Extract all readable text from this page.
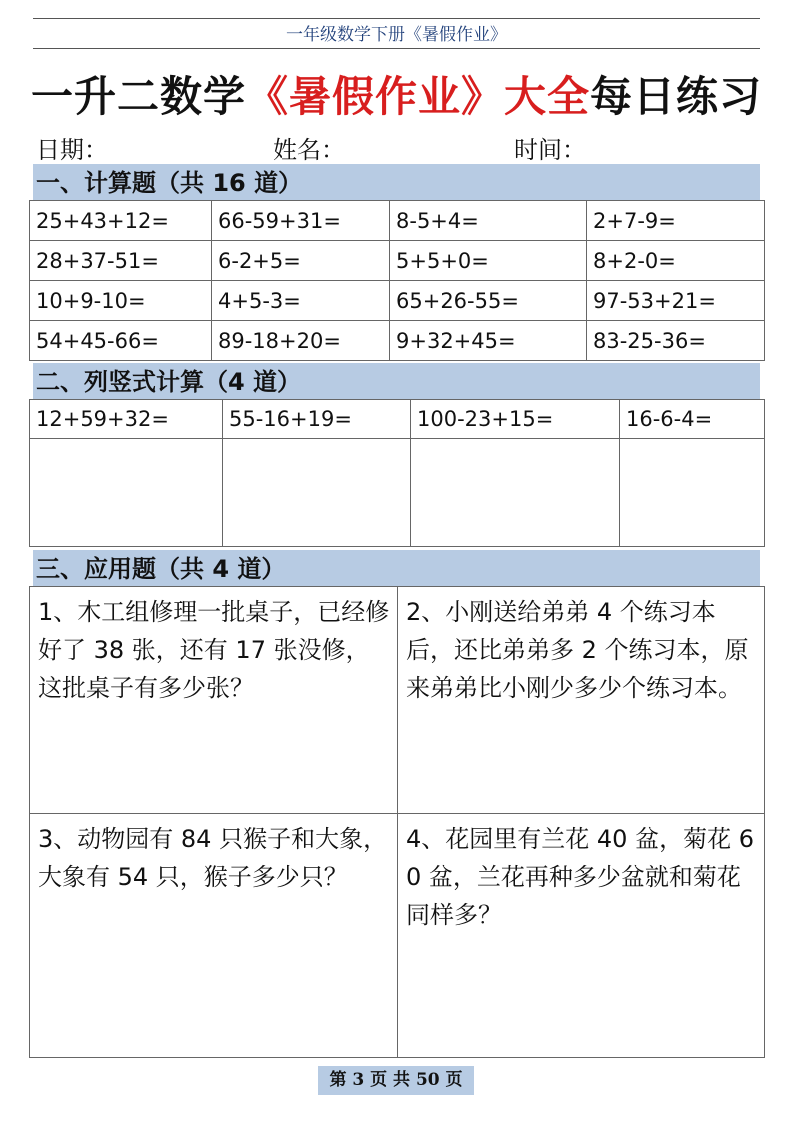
一年级数学下册《暑假作业》
一升二数学《暑假作业》大全每日练习
日期：	姓名：	时间：
一、计算题（共 16 道）
25+43+12=	66-59+31=	8-5+4=	2+7-9=
28+37-51=	6-2+5=	5+5+0=	8+2-0=
10+9-10=	4+5-3=	65+26-55=	97-53+21=
54+45-66=	89-18+20=	9+32+45=	83-25-36=
二、列竖式计算（4 道）
12+59+32=	55-16+19=	100-23+15=	16-6-4=

三、应用题（共 4 道）
1、木工组修理一批桌子，已经修好了 38 张，还有 17 张没修，这批桌子有多少张？	2、小刚送给弟弟 4 个练习本后，还比弟弟多 2 个练习本，原来弟弟比小刚少多少个练习本。
3、动物园有 84 只猴子和大象，大象有 54 只，猴子多少只？	4、花园里有兰花 40 盆，菊花 60 盆，兰花再种多少盆就和菊花同样多？
第 3 页 共 50 页
